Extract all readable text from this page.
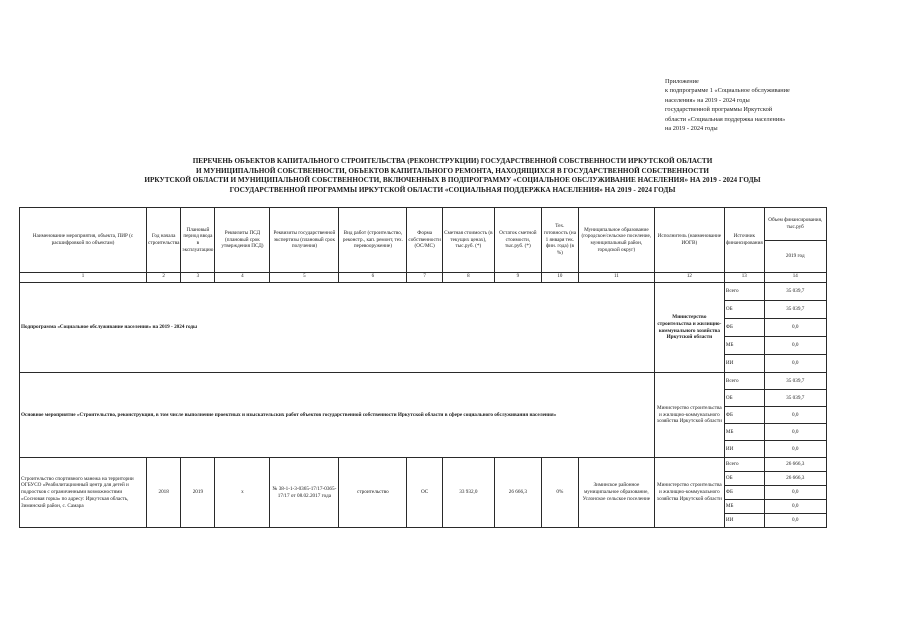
Приложение
к подпрограмме 1 «Социальное обслуживание
населения» на 2019 - 2024 годы
государственной программы Иркутской
области «Социальная поддержка населения»
на 2019 - 2024 годы
ПЕРЕЧЕНЬ ОБЪЕКТОВ КАПИТАЛЬНОГО СТРОИТЕЛЬСТВА (РЕКОНСТРУКЦИИ) ГОСУДАРСТВЕННОЙ СОБСТВЕННОСТИ ИРКУТСКОЙ ОБЛАСТИ
И МУНИЦИПАЛЬНОЙ СОБСТВЕННОСТИ, ОБЪЕКТОВ КАПИТАЛЬНОГО РЕМОНТА, НАХОДЯЩИХСЯ В ГОСУДАРСТВЕННОЙ СОБСТВЕННОСТИ
ИРКУТСКОЙ ОБЛАСТИ И МУНИЦИПАЛЬНОЙ СОБСТВЕННОСТИ, ВКЛЮЧЕННЫХ В ПОДПРОГРАММУ «СОЦИАЛЬНОЕ ОБСЛУЖИВАНИЕ НАСЕЛЕНИЯ» НА 2019 - 2024 ГОДЫ
ГОСУДАРСТВЕННОЙ ПРОГРАММЫ ИРКУТСКОЙ ОБЛАСТИ «СОЦИАЛЬНАЯ ПОДДЕРЖКА НАСЕЛЕНИЯ» НА 2019 - 2024 ГОДЫ
Наименование мероприятия, объекта, ПИР (с расшифровкой по объектам)	Год начала строительства	Плановый период ввода в эксплуатацию	Реквизиты ПСД (плановый срок утверждения ПСД)	Реквизиты государственной экспертизы (плановый срок получения)	Вид работ (строительство, реконстр., кап. ремонт, тех. перевооружение)	Форма собственности (ОС/МС)	Сметная стоимость (в текущих ценах), тыс.руб. (*)	Остаток сметной стоимости, тыс.руб. (*)	Тех. готовность (на 1 января тек. фин. года) (в %)	Муниципальное образование (городское/сельское поселение, муниципальный район, городской округ)	Исполнитель (наименование ИОГВ)	Источник финансирования	Объем финансирования, тыс.руб
													2019 год
1	2	3	4	5	6	7	8	9	10	11	12	13	14
Подпрограмма «Социальное обслуживание населения» на 2019 - 2024 годы											Министерство строительства и жилищно-коммунального хозяйства Иркутской области	Всего	35 039,7
												ОБ	35 039,7
												ФБ	0,0
												МБ	0,0
												ИИ	0,0
Основное мероприятие «Строительство, реконструкция, в том числе выполнение проектных и изыскательских работ объектов государственной собственности Иркутской области в сфере социального обслуживания населения»											Министерство строительства и жилищно-коммунального хозяйства Иркутской области	Всего	35 039,7
												ОБ	35 039,7
												ФБ	0,0
												МБ	0,0
												ИИ	0,0
Строительство спортивного манежа на территории ОГБУСО «Реабилитационный центр для детей и подростков с ограниченными возможностями «Сосновая горка» по адресу: Иркутская область, Зиминский район, с. Самара	2018	2019	х	№ 38-1-1-3-0365-17/17-0365-17/17 от 08.02.2017 года	строительство	ОС	33 932,0	26 666,3	0%	Зиминское районное муниципальное образование, Услонское сельское поселение	Министерство строительства и жилищно-коммунального хозяйства Иркутской области	Всего	26 666,3
												ОБ	26 666,3
												ФБ	0,0
												МБ	0,0
												ИИ	0,0
